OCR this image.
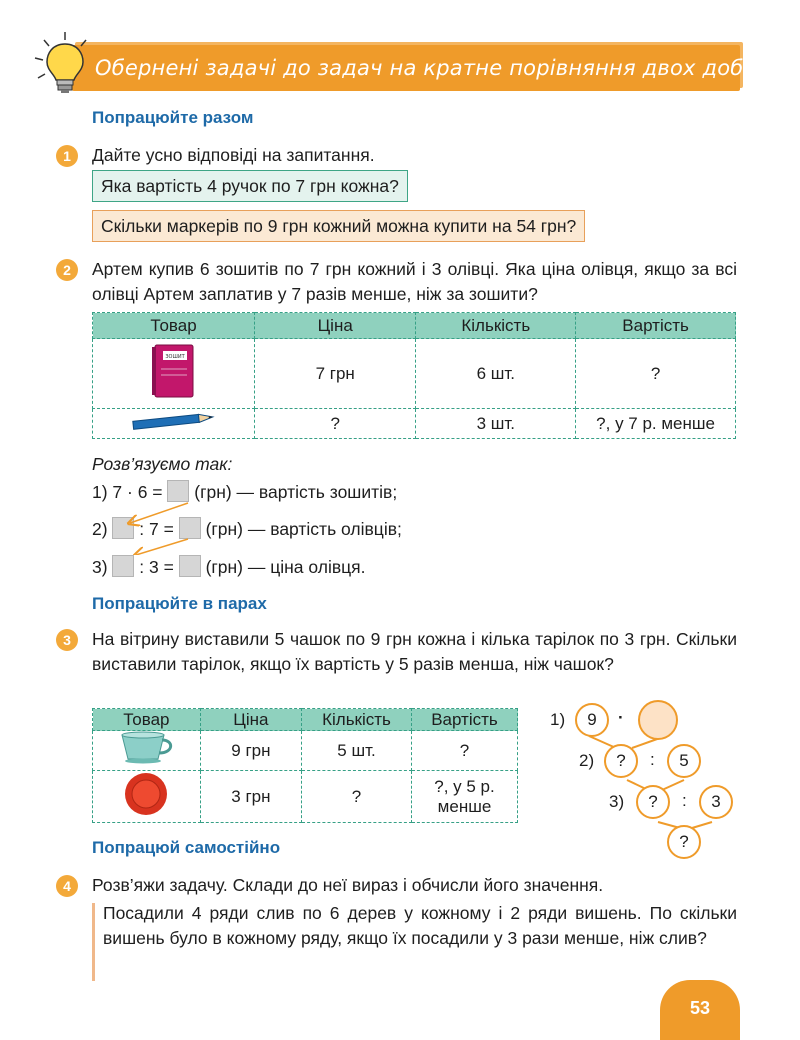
Обернені задачі до задач на кратне порівняння двох добутків
Попрацюйте разом
1	Дайте усно відповіді на запитання.
Яка вартість 4 ручок по 7 грн кожна?
Скільки маркерів по 9 грн кожний можна купити на 54 грн?
2	Артем купив 6 зошитів по 7 грн кожний і 3 олівці. Яка ціна олівця, якщо за всі олівці Артем заплатив у 7 разів менше, ніж за зошити?
Товар	Ціна	Кількість	Вартість

ЗОШИТ	7 грн	6 шт.	?
	?	3 шт.	?, у 7 р. менше
Розв’язуємо так:
1) 7 · 6 =  (грн) — вартість зошитів;
2)  : 7 =  (грн) — вартість олівців;
3)  : 3 =  (грн) — ціна олівця.
Попрацюйте в парах
3	На вітрину виставили 5 чашок по 9 грн кожна і кілька тарілок по 3 грн. Скільки виставили тарілок, якщо їх вартість у 5 разів менша, ніж чашок?
Товар	Ціна	Кількість	Вартість
	9 грн	5 шт.	?
	3 грн	?	?, у 5 р.
менше
1)	9	·
2)	?	:	5
3)	?	:	3
?
Попрацюй самостійно
4	Розв’яжи задачу. Склади до неї вираз і обчисли його значення.
Посадили 4 ряди слив по 6 дерев у кожному і 2 ряди вишень. По скільки вишень було в кожному ряду, якщо їх посадили у 3 рази менше, ніж слив?
53
